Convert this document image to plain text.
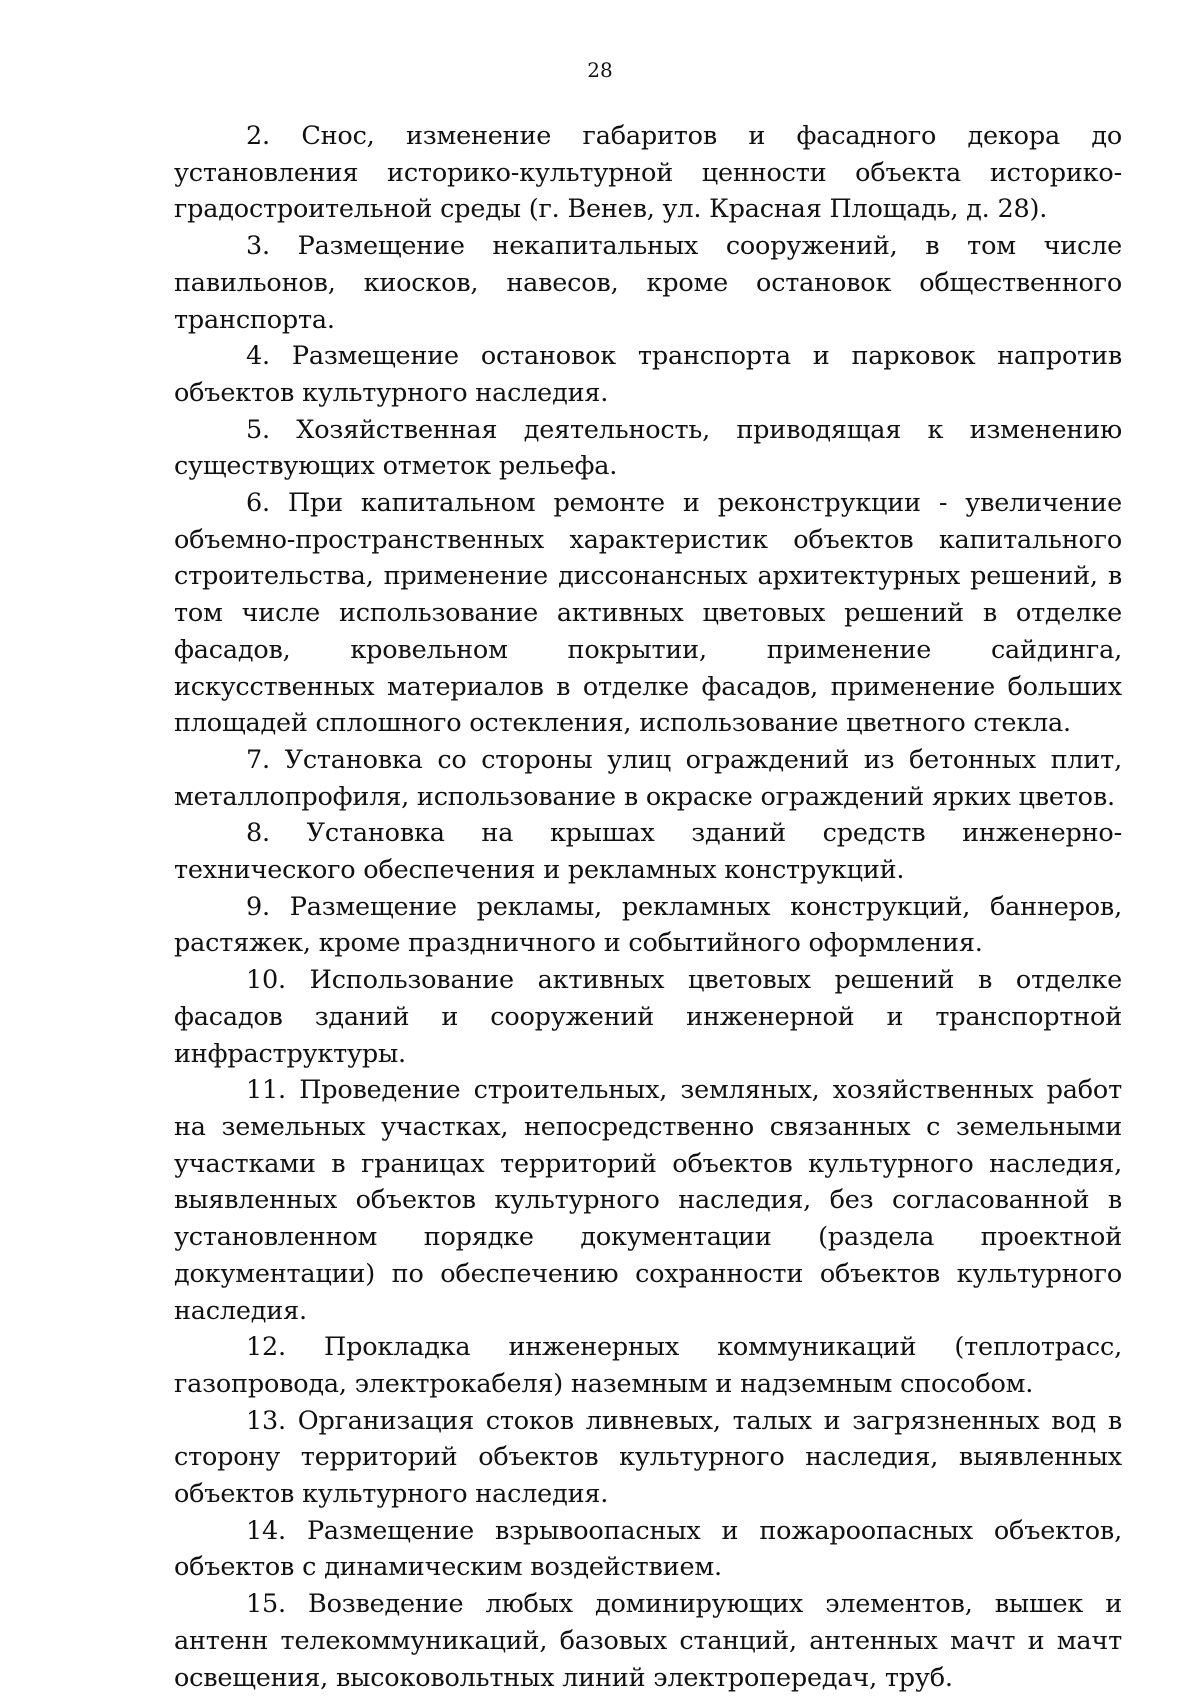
28

2. Снос, изменение габаритов и фасадного декора до установления историко-культурной ценности объекта историко-градостроительной среды (г. Венев, ул. Красная Площадь, д. 28).

3. Размещение некапитальных сооружений, в том числе павильонов, киосков, навесов, кроме остановок общественного транспорта.

4. Размещение остановок транспорта и парковок напротив объектов культурного наследия.

5. Хозяйственная деятельность, приводящая к изменению существующих отметок рельефа.

6. При капитальном ремонте и реконструкции - увеличение объемно-пространственных характеристик объектов капитального строительства, применение диссонансных архитектурных решений, в том числе использование активных цветовых решений в отделке фасадов, кровельном покрытии, применение сайдинга, искусственных материалов в отделке фасадов, применение больших площадей сплошного остекления, использование цветного стекла.

7. Установка со стороны улиц ограждений из бетонных плит, металлопрофиля, использование в окраске ограждений ярких цветов.

8. Установка на крышах зданий средств инженерно-технического обеспечения и рекламных конструкций.

9. Размещение рекламы, рекламных конструкций, баннеров, растяжек, кроме праздничного и событийного оформления.

10. Использование активных цветовых решений в отделке фасадов зданий и сооружений инженерной и транспортной инфраструктуры.

11. Проведение строительных, земляных, хозяйственных работ на земельных участках, непосредственно связанных с земельными участками в границах территорий объектов культурного наследия, выявленных объектов культурного наследия, без согласованной в установленном порядке документации (раздела проектной документации) по обеспечению сохранности объектов культурного наследия.

12. Прокладка инженерных коммуникаций (теплотрасс, газопровода, электрокабеля) наземным и надземным способом.

13. Организация стоков ливневых, талых и загрязненных вод в сторону территорий объектов культурного наследия, выявленных объектов культурного наследия.

14. Размещение взрывоопасных и пожароопасных объектов, объектов с динамическим воздействием.

15. Возведение любых доминирующих элементов, вышек и антенн телекоммуникаций, базовых станций, антенных мачт и мачт освещения, высоковольтных линий электропередач, труб.
